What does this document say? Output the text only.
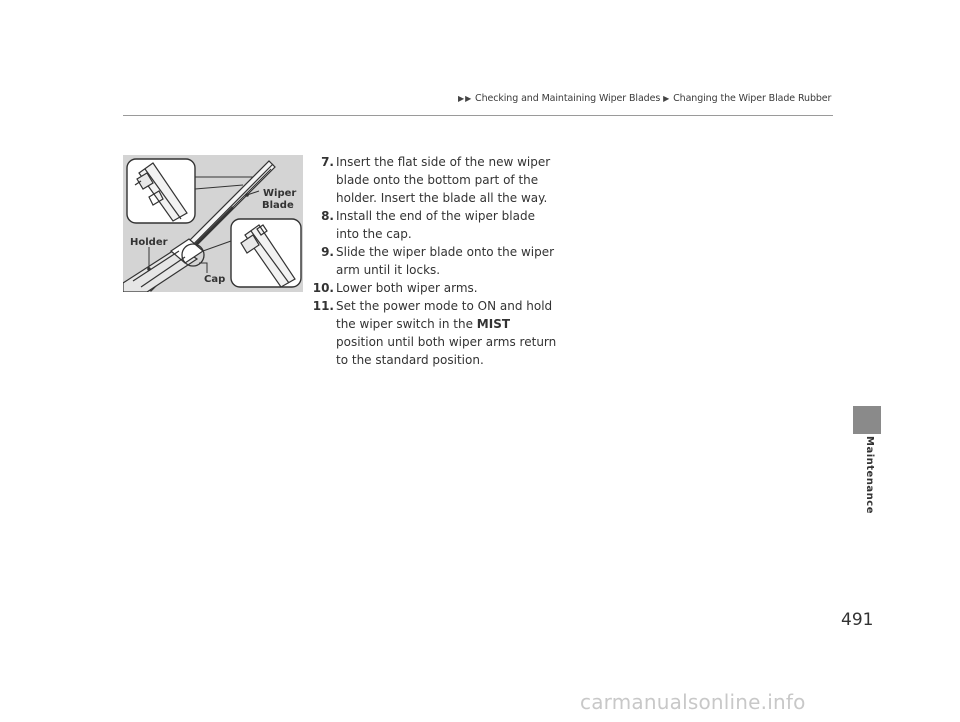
▶▶ Checking and Maintaining Wiper Blades ▶ Changing the Wiper Blade Rubber
Wiper
Blade
Holder
Cap
7. Insert the flat side of the new wiper blade onto the bottom part of the holder. Insert the blade all the way.
8. Install the end of the wiper blade into the cap.
9. Slide the wiper blade onto the wiper arm until it locks.
10. Lower both wiper arms.
11. Set the power mode to ON and hold the wiper switch in the MIST position until both wiper arms return to the standard position.
Maintenance
491
carmanualsonline.info
